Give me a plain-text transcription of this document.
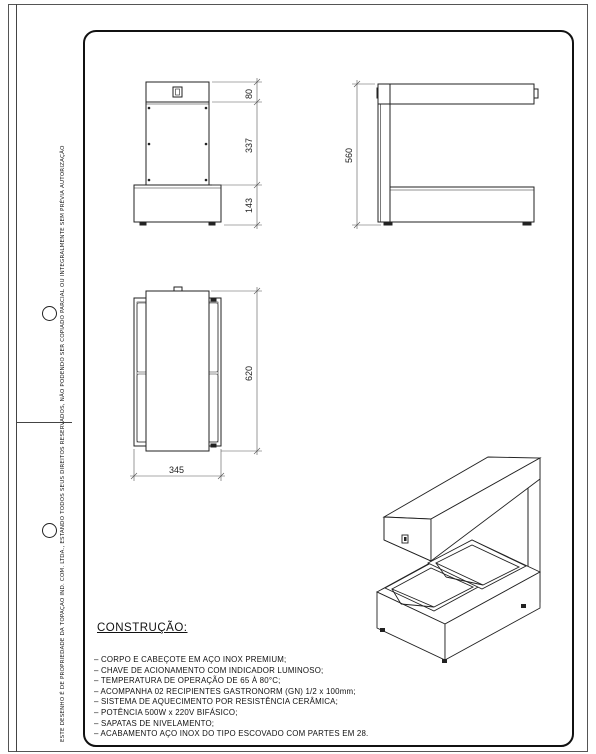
ESTE DESENHO É DE PROPRIEDADE DA TOPAÇAO IND. COM. LTDA., ESTANDO TODOS SEUS DIREITOS RESERVADOS, NÃO PODENDO SER COPIADO PARCIAL OU INTEGRALMENTE SEM PRÉVIA AUTORIZAÇÃO
80
337
143
560
620
345
CONSTRUÇÃO:
– CORPO E CABEÇOTE EM AÇO INOX PREMIUM;
– CHAVE DE ACIONAMENTO COM INDICADOR LUMINOSO;
– TEMPERATURA DE OPERAÇÃO DE 65 À 80°C;
– ACOMPANHA 02 RECIPIENTES GASTRONORM (GN) 1/2 x 100mm;
– SISTEMA DE AQUECIMENTO POR RESISTÊNCIA CERÂMICA;
– POTÊNCIA 500W x 220V BIFÁSICO;
– SAPATAS DE NIVELAMENTO;
– ACABAMENTO AÇO INOX DO TIPO ESCOVADO COM PARTES EM 28.
